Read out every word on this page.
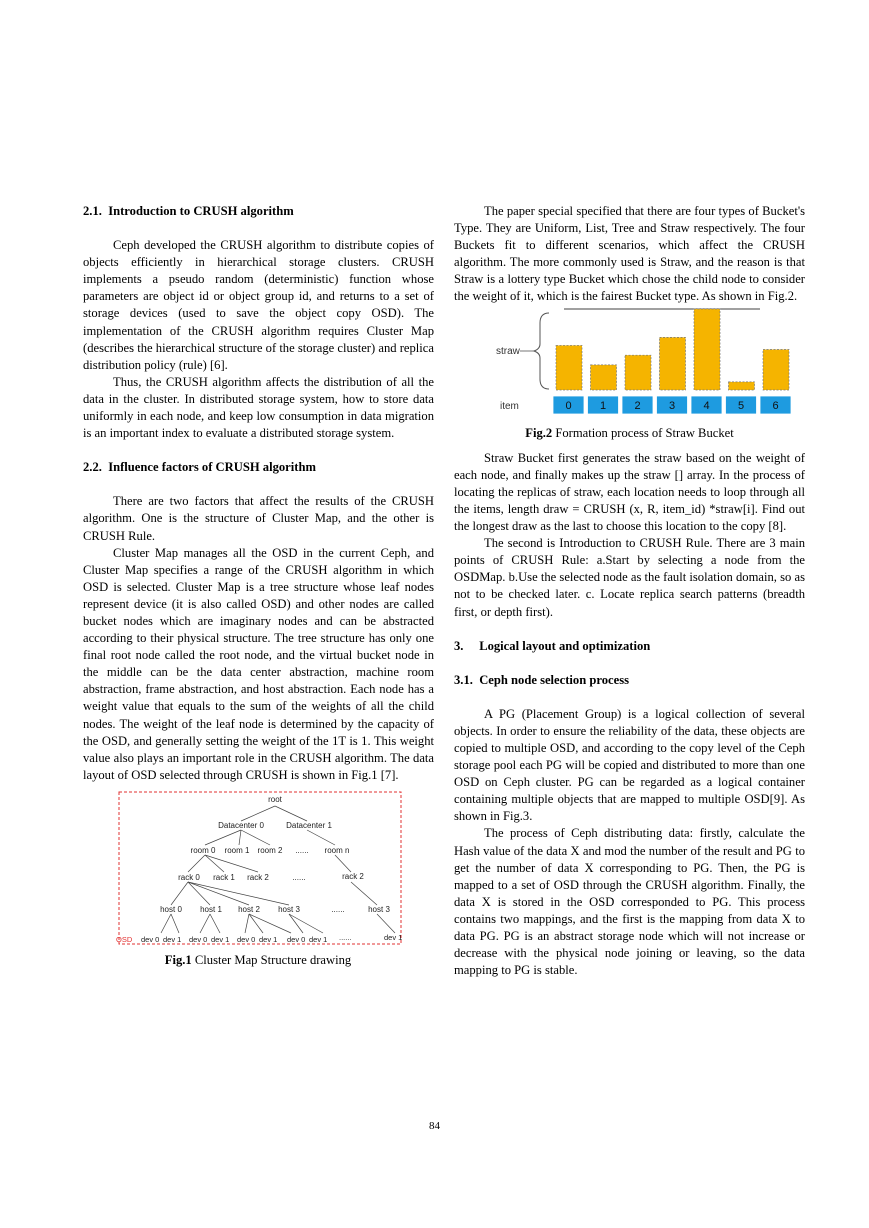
2.1.  Introduction to CRUSH algorithm

Ceph developed the CRUSH algorithm to distribute copies of objects efficiently in hierarchical storage clusters. CRUSH implements a pseudo random (deterministic) function whose parameters are object id or object group id, and returns to a set of storage devices (used to save the object copy OSD). The implementation of the CRUSH algorithm requires Cluster Map (describes the hierarchical structure of the storage cluster) and replica distribution policy (rule) [6].

Thus, the CRUSH algorithm affects the distribution of all the data in the cluster. In distributed storage system, how to store data uniformly in each node, and keep low consumption in data migration is an important index to evaluate a distributed storage system.

2.2.  Influence factors of CRUSH algorithm

There are two factors that affect the results of the CRUSH algorithm. One is the structure of Cluster Map, and the other is CRUSH Rule.

Cluster Map manages all the OSD in the current Ceph, and Cluster Map specifies a range of the CRUSH algorithm in which OSD is selected. Cluster Map is a tree structure whose leaf nodes represent device (it is also called OSD) and other nodes are called bucket nodes which are imaginary nodes and can be abstracted according to their physical structure. The tree structure has only one final root node called the root node, and the virtual bucket node in the middle can be the data center abstraction, machine room abstraction, frame abstraction, and host abstraction. Each node has a weight value that equals to the sum of the weights of all the child nodes. The weight of the leaf node is determined by the capacity of the OSD, and generally setting the weight of the 1T is 1. This weight value also plays an important role in the CRUSH algorithm. The data layout of OSD selected through CRUSH is shown in Fig.1 [7].

root
Datacenter 0	Datacenter 1
room 0 room 1 room 2 ...... room n
rack 0 rack 1 rack 2	......	rack 2
host 0 host 1 host 2 host 3	......	host 3
OSD dev 0 dev 1 dev 0 dev 1 dev 0 dev 1 dev 0 dev 1 ......	dev 1
Fig.1 Cluster Map Structure drawing

The paper special specified that there are four types of Bucket's Type. They are Uniform, List, Tree and Straw respectively. The four Buckets fit to different scenarios, which affect the CRUSH algorithm. The more commonly used is Straw, and the reason is that Straw is a lottery type Bucket which chose the child node to consider the weight of it, which is the fairest Bucket type. As shown in Fig.2.

straw
item	0	1	2	3	4	5	6
Fig.2 Formation process of Straw Bucket

Straw Bucket first generates the straw based on the weight of each node, and finally makes up the straw [] array. In the process of locating the replicas of straw, each location needs to loop through all the items, length draw = CRUSH (x, R, item_id) *straw[i]. Find out the longest draw as the last to choose this location to the copy [8].

The second is Introduction to CRUSH Rule. There are 3 main points of CRUSH Rule: a.Start by selecting a node from the OSDMap. b.Use the selected node as the fault isolation domain, so as not to be checked later. c. Locate replica search patterns (breadth first, or depth first).

3.     Logical layout and optimization
3.1.  Ceph node selection process

A PG (Placement Group) is a logical collection of several objects. In order to ensure the reliability of the data, these objects are copied to multiple OSD, and according to the copy level of the Ceph storage pool each PG will be copied and distributed to more than one OSD on Ceph cluster. PG can be regarded as a logical container containing multiple objects that are mapped to multiple OSD[9]. As shown in Fig.3.

The process of Ceph distributing data: firstly, calculate the Hash value of the data X and mod the number of the result and PG to get the number of data X corresponding to PG. Then, the PG is mapped to a set of OSD through the CRUSH algorithm. Finally, the data X is stored in the OSD corresponded to PG. This process contains two mappings, and the first is the mapping from data X to data PG. PG is an abstract storage node which will not increase or decrease with the physical node joining or leaving, so the data mapping to PG is stable.

84
